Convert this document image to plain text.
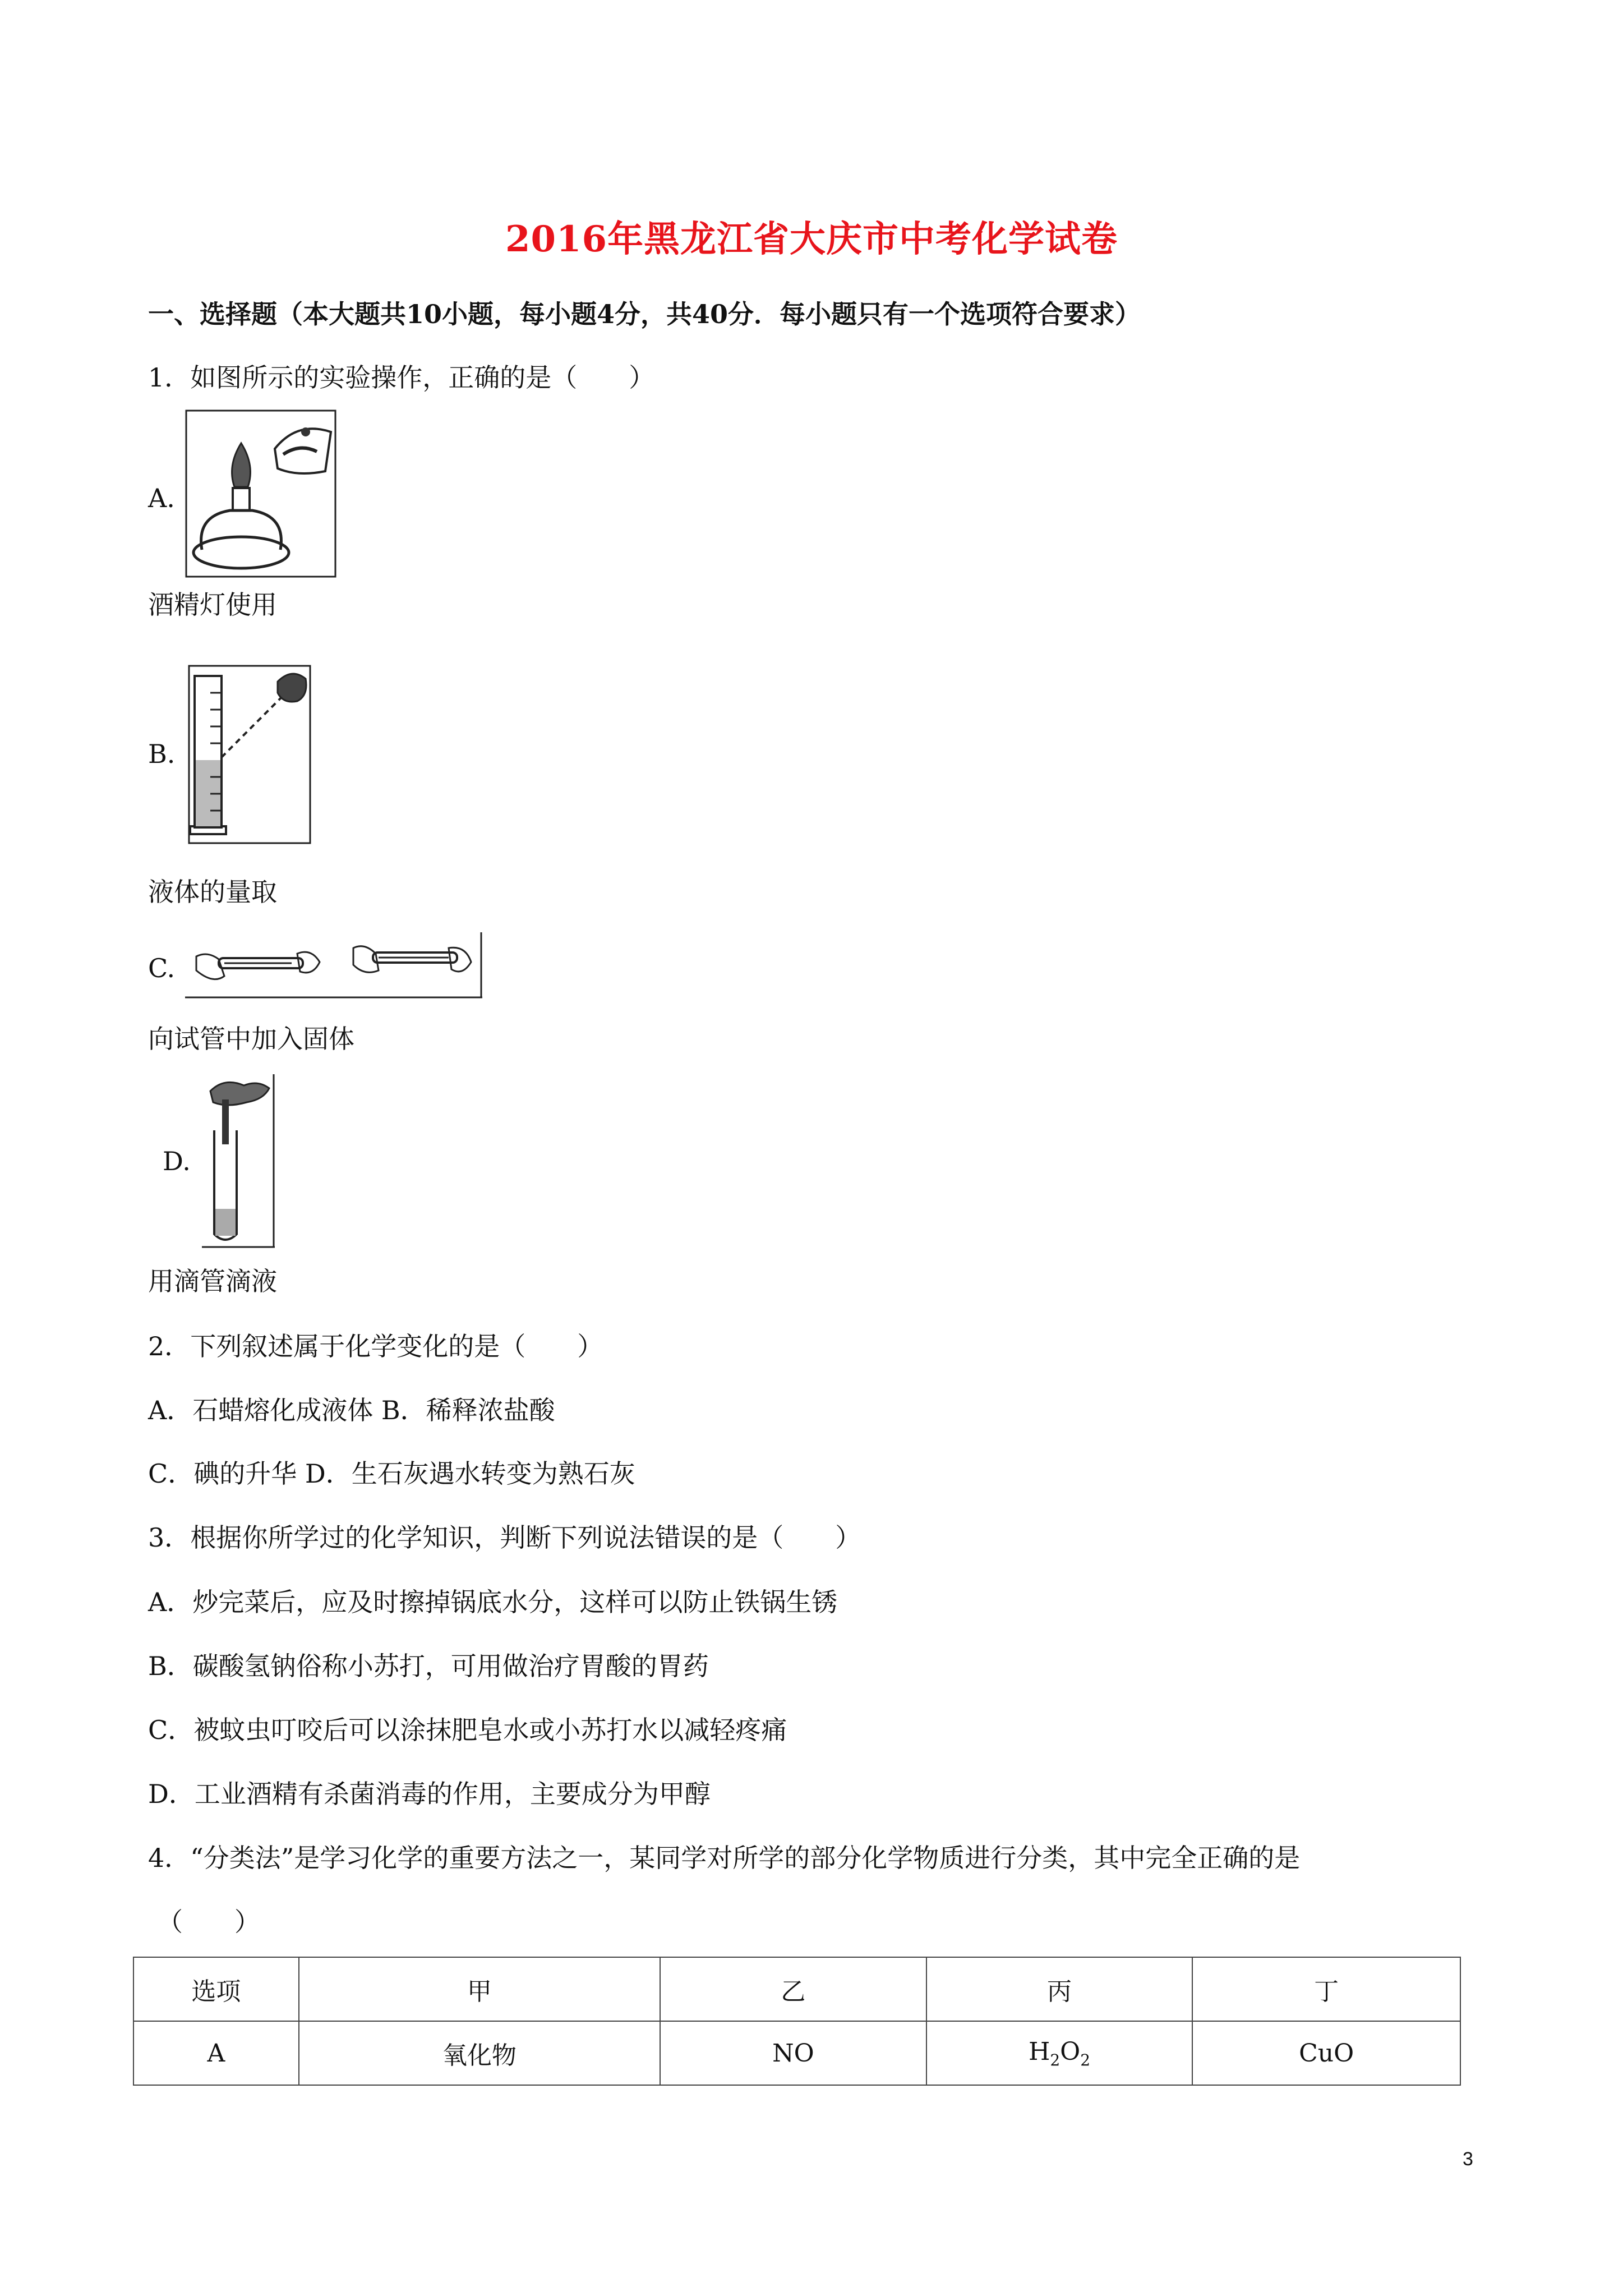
2016年黑龙江省大庆市中考化学试卷
一、选择题（本大题共10小题，每小题4分，共40分．每小题只有一个选项符合要求）
1．如图所示的实验操作，正确的是（　　）
A.
酒精灯使用
B.
液体的量取
C.
向试管中加入固体
D.
用滴管滴液
2．下列叙述属于化学变化的是（　　）
A．石蜡熔化成液体 B．稀释浓盐酸
C．碘的升华 D．生石灰遇水转变为熟石灰
3．根据你所学过的化学知识，判断下列说法错误的是（　　）
A．炒完菜后，应及时擦掉锅底水分，这样可以防止铁锅生锈
B．碳酸氢钠俗称小苏打，可用做治疗胃酸的胃药
C．被蚊虫叮咬后可以涂抹肥皂水或小苏打水以减轻疼痛
D．工业酒精有杀菌消毒的作用，主要成分为甲醇
4．“分类法”是学习化学的重要方法之一，某同学对所学的部分化学物质进行分类，其中完全正确的是
（　　）
选项	甲	乙	丙	丁
A	氧化物	NO	$H_2O_2$	CuO
3
